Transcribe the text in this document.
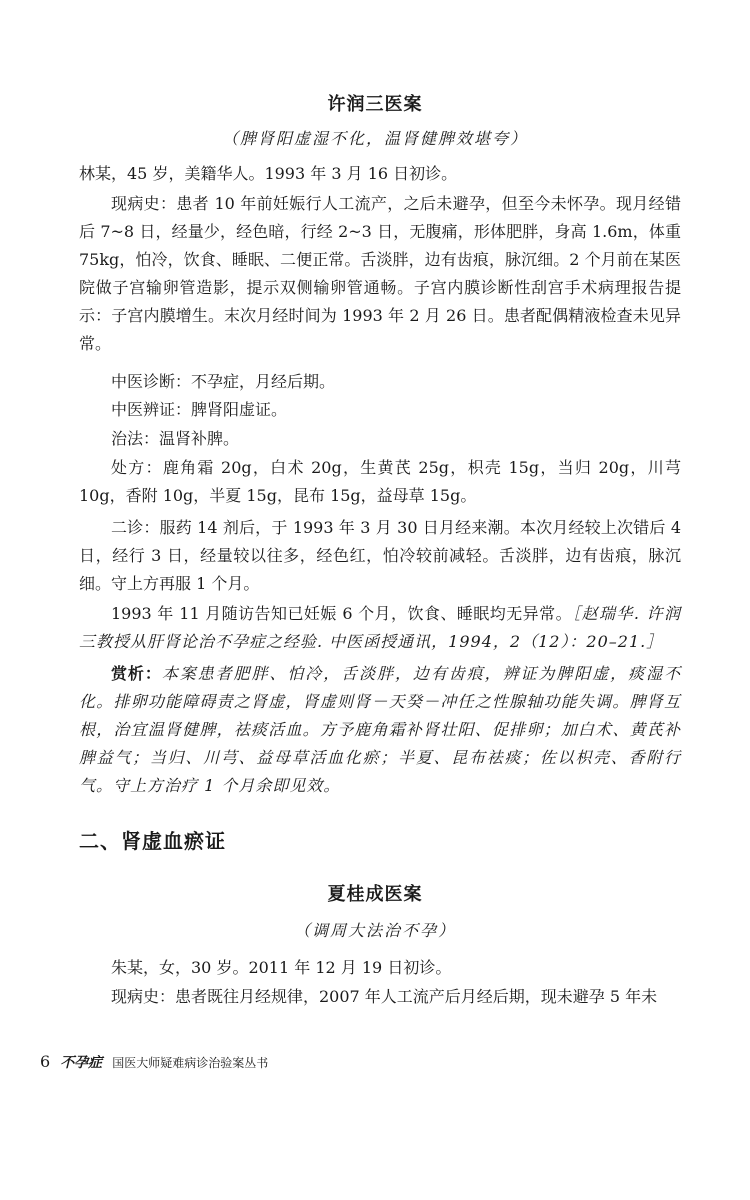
许润三医案
（脾肾阳虚湿不化，温肾健脾效堪夸）

林某，45 岁，美籍华人。1993 年 3 月 16 日初诊。

现病史：患者 10 年前妊娠行人工流产，之后未避孕，但至今未怀孕。现月经错后 7~8 日，经量少，经色暗，行经 2~3 日，无腹痛，形体肥胖，身高 1.6m，体重 75kg，怕冷，饮食、睡眠、二便正常。舌淡胖，边有齿痕，脉沉细。2 个月前在某医院做子宫输卵管造影，提示双侧输卵管通畅。子宫内膜诊断性刮宫手术病理报告提示：子宫内膜增生。末次月经时间为 1993 年 2 月 26 日。患者配偶精液检查未见异常。

中医诊断：不孕症，月经后期。

中医辨证：脾肾阳虚证。

治法：温肾补脾。

处方：鹿角霜 20g，白术 20g，生黄芪 25g，枳壳 15g，当归 20g，川芎 10g，香附 10g，半夏 15g，昆布 15g，益母草 15g。

二诊：服药 14 剂后，于 1993 年 3 月 30 日月经来潮。本次月经较上次错后 4 日，经行 3 日，经量较以往多，经色红，怕冷较前减轻。舌淡胖，边有齿痕，脉沉细。守上方再服 1 个月。

1993 年 11 月随访告知已妊娠 6 个月，饮食、睡眠均无异常。［赵瑞华. 许润三教授从肝肾论治不孕症之经验. 中医函授通讯，1994，2（12）：20–21.］

赏析：本案患者肥胖、怕冷，舌淡胖，边有齿痕，辨证为脾阳虚，痰湿不化。排卵功能障碍责之肾虚，肾虚则肾－天癸－冲任之性腺轴功能失调。脾肾互根，治宜温肾健脾，祛痰活血。方予鹿角霜补肾壮阳、促排卵；加白术、黄芪补脾益气；当归、川芎、益母草活血化瘀；半夏、昆布祛痰；佐以枳壳、香附行气。守上方治疗 1 个月余即见效。

二、肾虚血瘀证
夏桂成医案
（调周大法治不孕）

朱某，女，30 岁。2011 年 12 月 19 日初诊。

现病史：患者既往月经规律，2007 年人工流产后月经后期，现未避孕 5 年未

6 不孕症 国医大师疑难病诊治验案丛书
